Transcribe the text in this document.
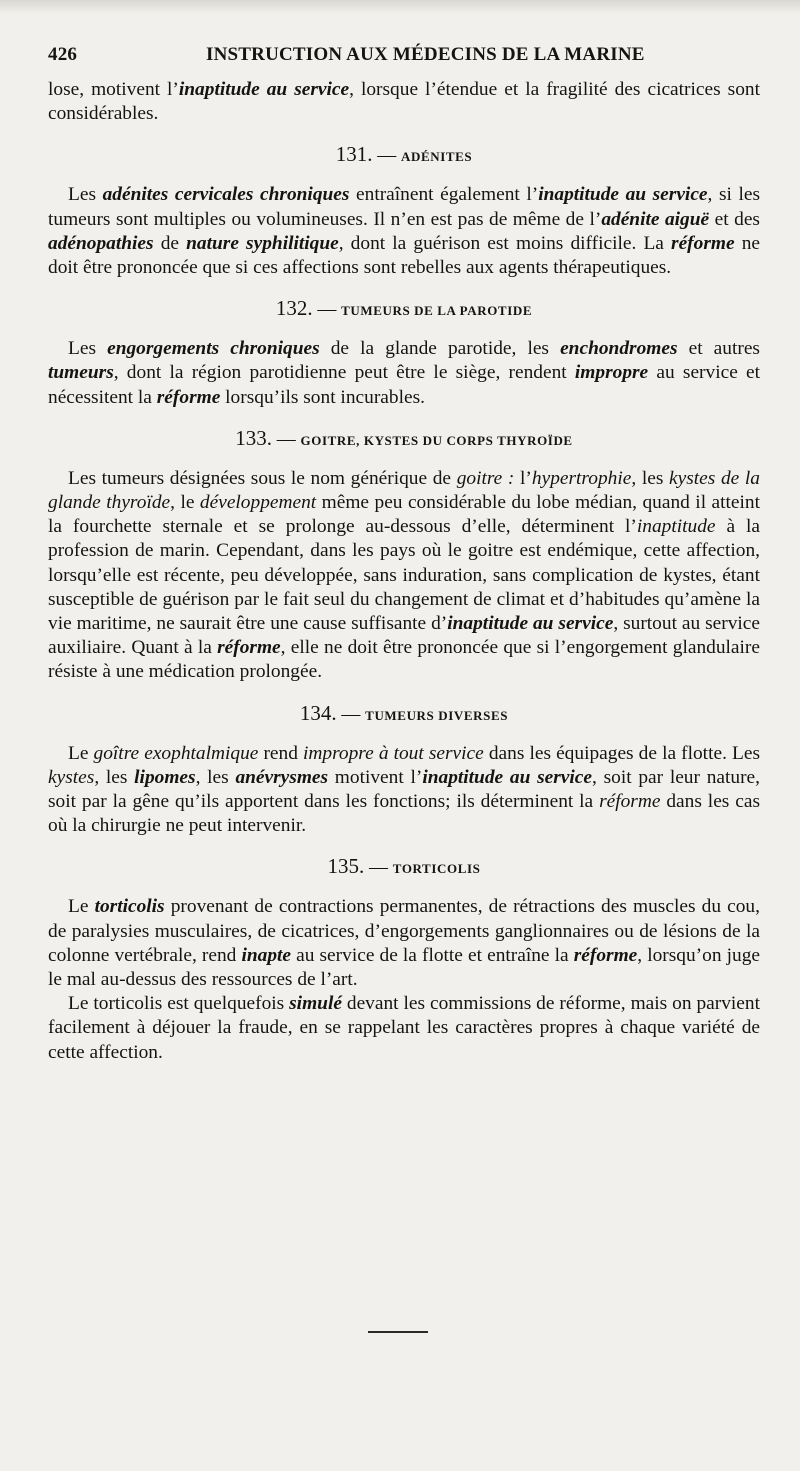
426	INSTRUCTION AUX MÉDECINS DE LA MARINE

lose, motivent l’inaptitude au service, lorsque l’étendue et la fragilité des cicatrices sont considérables.

131. — ADÉNITES

Les adénites cervicales chroniques entraînent également l’inaptitude au service, si les tumeurs sont multiples ou volumineuses. Il n’en est pas de même de l’adénite aiguë et des adénopathies de nature syphilitique, dont la guérison est moins difficile. La réforme ne doit être prononcée que si ces affections sont rebelles aux agents thérapeutiques.

132. — TUMEURS DE LA PAROTIDE

Les engorgements chroniques de la glande parotide, les enchondromes et autres tumeurs, dont la région parotidienne peut être le siège, rendent impropre au service et nécessitent la réforme lorsqu’ils sont incurables.

133. — GOITRE, KYSTES DU CORPS THYROÏDE

Les tumeurs désignées sous le nom générique de goitre : l’hypertrophie, les kystes de la glande thyroïde, le développement même peu considérable du lobe médian, quand il atteint la fourchette sternale et se prolonge au-dessous d’elle, déterminent l’inaptitude à la profession de marin. Cependant, dans les pays où le goitre est endémique, cette affection, lorsqu’elle est récente, peu développée, sans induration, sans complication de kystes, étant susceptible de guérison par le fait seul du changement de climat et d’habitudes qu’amène la vie maritime, ne saurait être une cause suffisante d’inaptitude au service, surtout au service auxiliaire. Quant à la réforme, elle ne doit être prononcée que si l’engorgement glandulaire résiste à une médication prolongée.

134. — TUMEURS DIVERSES

Le goître exophtalmique rend impropre à tout service dans les équipages de la flotte. Les kystes, les lipomes, les anévrysmes motivent l’inaptitude au service, soit par leur nature, soit par la gêne qu’ils apportent dans les fonctions; ils déterminent la réforme dans les cas où la chirurgie ne peut intervenir.

135. — TORTICOLIS

Le torticolis provenant de contractions permanentes, de rétractions des muscles du cou, de paralysies musculaires, de cicatrices, d’engorgements ganglionnaires ou de lésions de la colonne vertébrale, rend inapte au service de la flotte et entraîne la réforme, lorsqu’on juge le mal au-dessus des ressources de l’art.

Le torticolis est quelquefois simulé devant les commissions de réforme, mais on parvient facilement à déjouer la fraude, en se rappelant les caractères propres à chaque variété de cette affection.
